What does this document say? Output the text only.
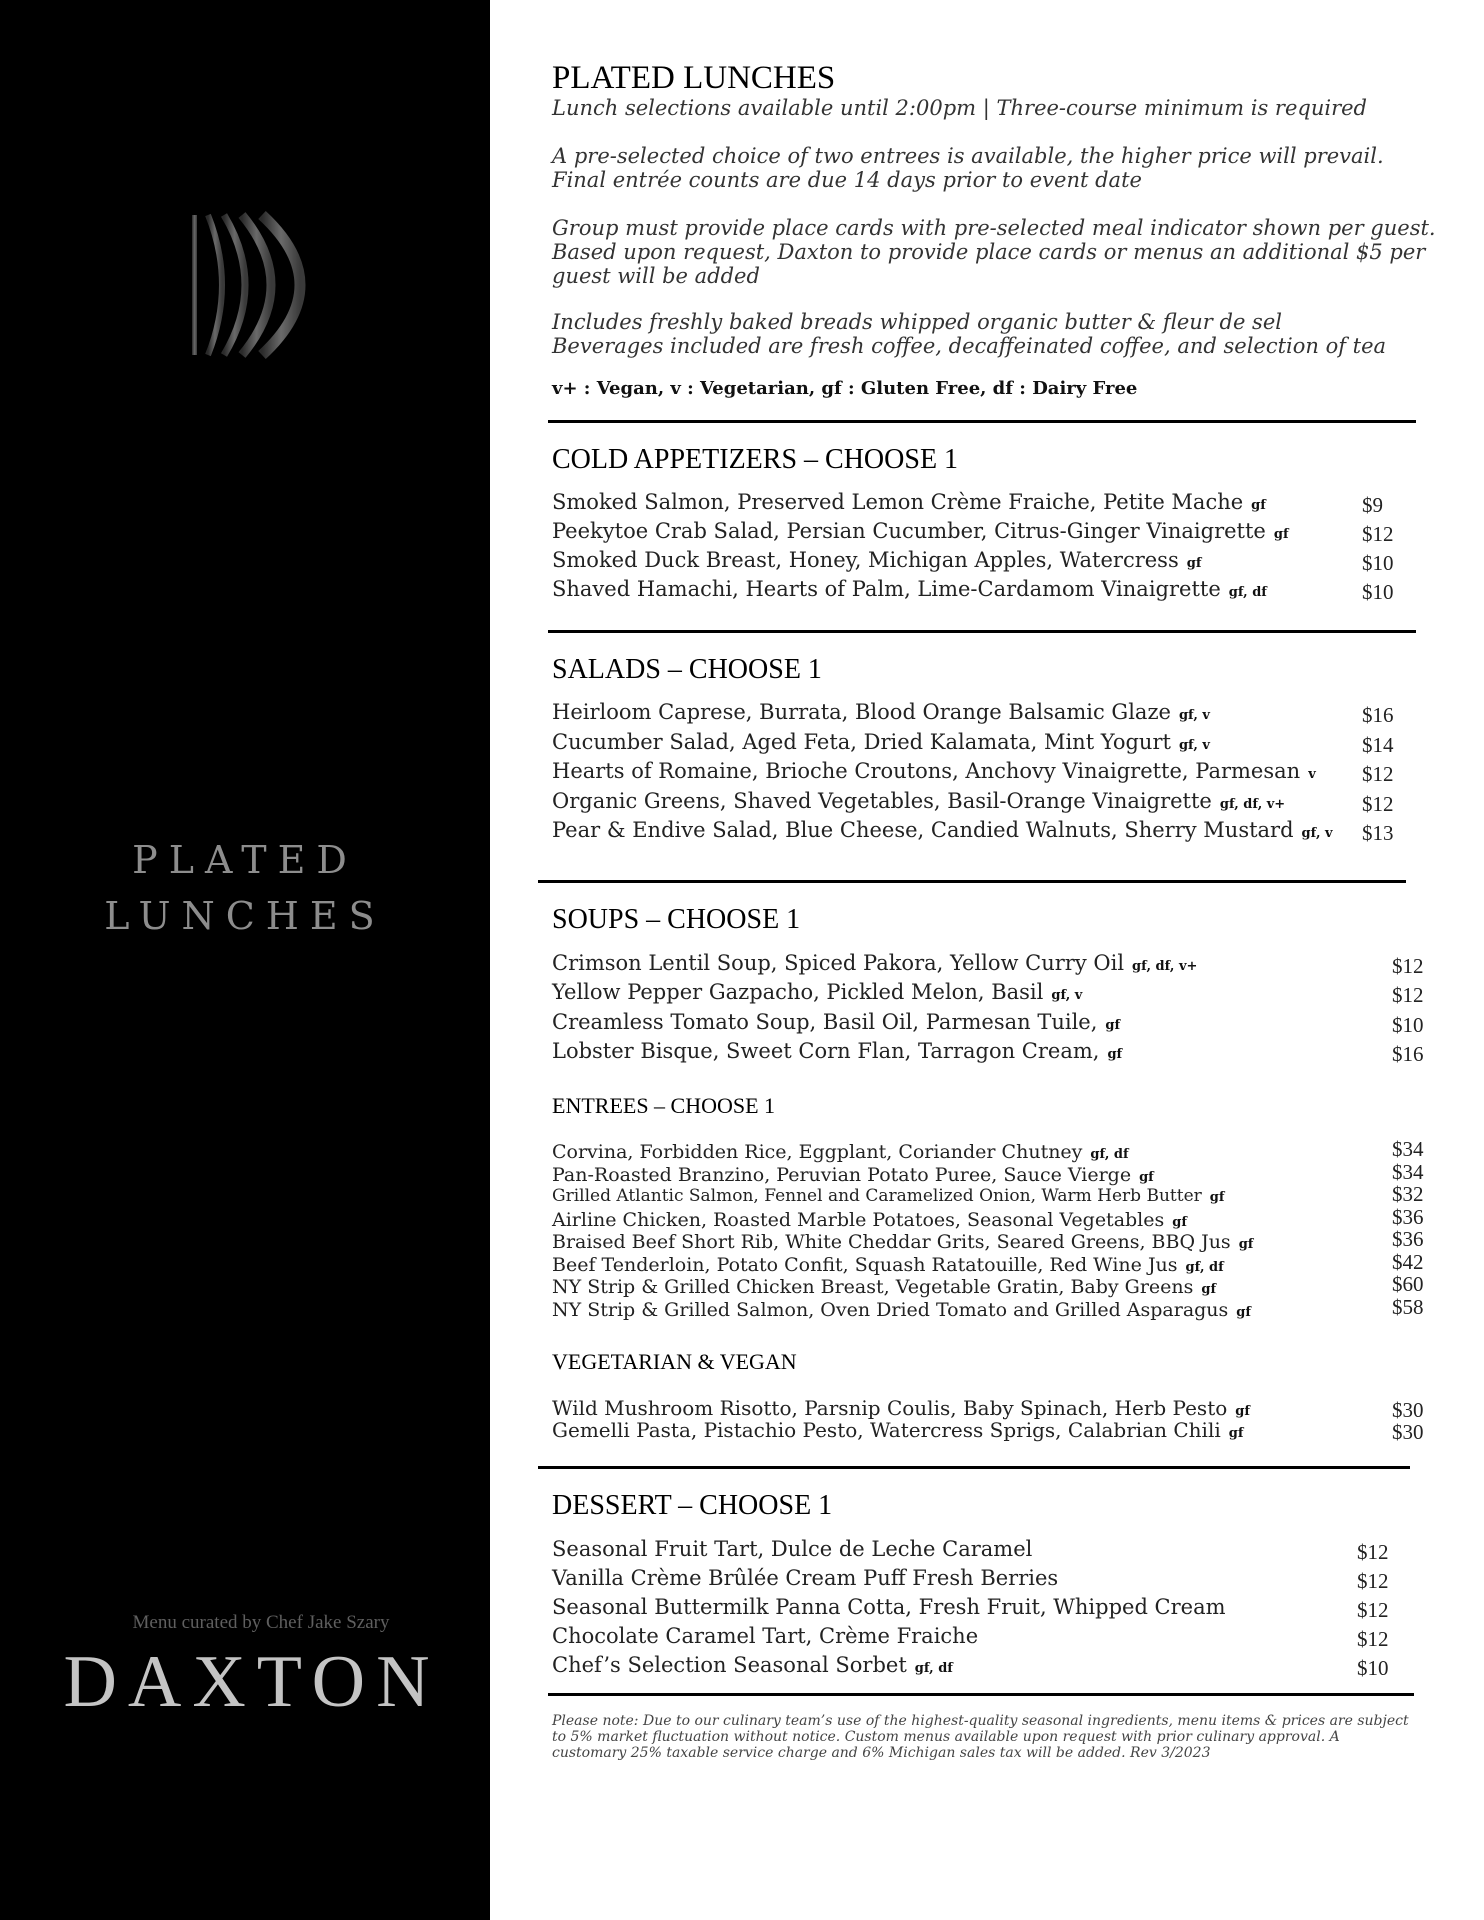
PLATED
LUNCHES
Menu curated by Chef Jake Szary
DAXTON
PLATED LUNCHES
Lunch selections available until 2:00pm | Three-course minimum is required
A pre-selected choice of two entrees is available, the higher price will prevail.
Final entrée counts are due 14 days prior to event date
Group must provide place cards with pre-selected meal indicator shown per guest.
Based upon request, Daxton to provide place cards or menus an additional $5 per
guest will be added
Includes freshly baked breads whipped organic butter & fleur de sel
Beverages included are fresh coffee, decaffeinated coffee, and selection of tea
v+ : Vegan, v : Vegetarian, gf : Gluten Free, df : Dairy Free
COLD APPETIZERS – CHOOSE 1
Smoked Salmon, Preserved Lemon Crème Fraiche, Petite Mache gf	$9
Peekytoe Crab Salad, Persian Cucumber, Citrus-Ginger Vinaigrette gf	$12
Smoked Duck Breast, Honey, Michigan Apples, Watercress gf	$10
Shaved Hamachi, Hearts of Palm, Lime-Cardamom Vinaigrette gf, df	$10
SALADS – CHOOSE 1
Heirloom Caprese, Burrata, Blood Orange Balsamic Glaze gf, v	$16
Cucumber Salad, Aged Feta, Dried Kalamata, Mint Yogurt gf, v	$14
Hearts of Romaine, Brioche Croutons, Anchovy Vinaigrette, Parmesan v $12
Organic Greens, Shaved Vegetables, Basil-Orange Vinaigrette gf, df, v+	$12
Pear & Endive Salad, Blue Cheese, Candied Walnuts, Sherry Mustard gf, v $13
SOUPS – CHOOSE 1
Crimson Lentil Soup, Spiced Pakora, Yellow Curry Oil gf, df, v+	$12
Yellow Pepper Gazpacho, Pickled Melon, Basil gf, v	$12
Creamless Tomato Soup, Basil Oil, Parmesan Tuile, gf	$10
Lobster Bisque, Sweet Corn Flan, Tarragon Cream, gf	$16
ENTREES – CHOOSE 1
Corvina, Forbidden Rice, Eggplant, Coriander Chutney gf, df	$34
Pan-Roasted Branzino, Peruvian Potato Puree, Sauce Vierge gf	$34
Grilled Atlantic Salmon, Fennel and Caramelized Onion, Warm Herb Butter gf	$32
Airline Chicken, Roasted Marble Potatoes, Seasonal Vegetables gf	$36
Braised Beef Short Rib, White Cheddar Grits, Seared Greens, BBQ Jus gf	$36
Beef Tenderloin, Potato Confit, Squash Ratatouille, Red Wine Jus gf, df	$42
NY Strip & Grilled Chicken Breast, Vegetable Gratin, Baby Greens gf	$60
NY Strip & Grilled Salmon, Oven Dried Tomato and Grilled Asparagus gf	$58
VEGETARIAN & VEGAN
Wild Mushroom Risotto, Parsnip Coulis, Baby Spinach, Herb Pesto gf	$30
Gemelli Pasta, Pistachio Pesto, Watercress Sprigs, Calabrian Chili gf	$30
DESSERT – CHOOSE 1
Seasonal Fruit Tart, Dulce de Leche Caramel	$12
Vanilla Crème Brûlée Cream Puff Fresh Berries	$12
Seasonal Buttermilk Panna Cotta, Fresh Fruit, Whipped Cream	$12
Chocolate Caramel Tart, Crème Fraiche	$12
Chef’s Selection Seasonal Sorbet gf, df	$10
Please note: Due to our culinary team’s use of the highest-quality seasonal ingredients, menu items & prices are subject
to 5% market fluctuation without notice. Custom menus available upon request with prior culinary approval. A
customary 25% taxable service charge and 6% Michigan sales tax will be added. Rev 3/2023
